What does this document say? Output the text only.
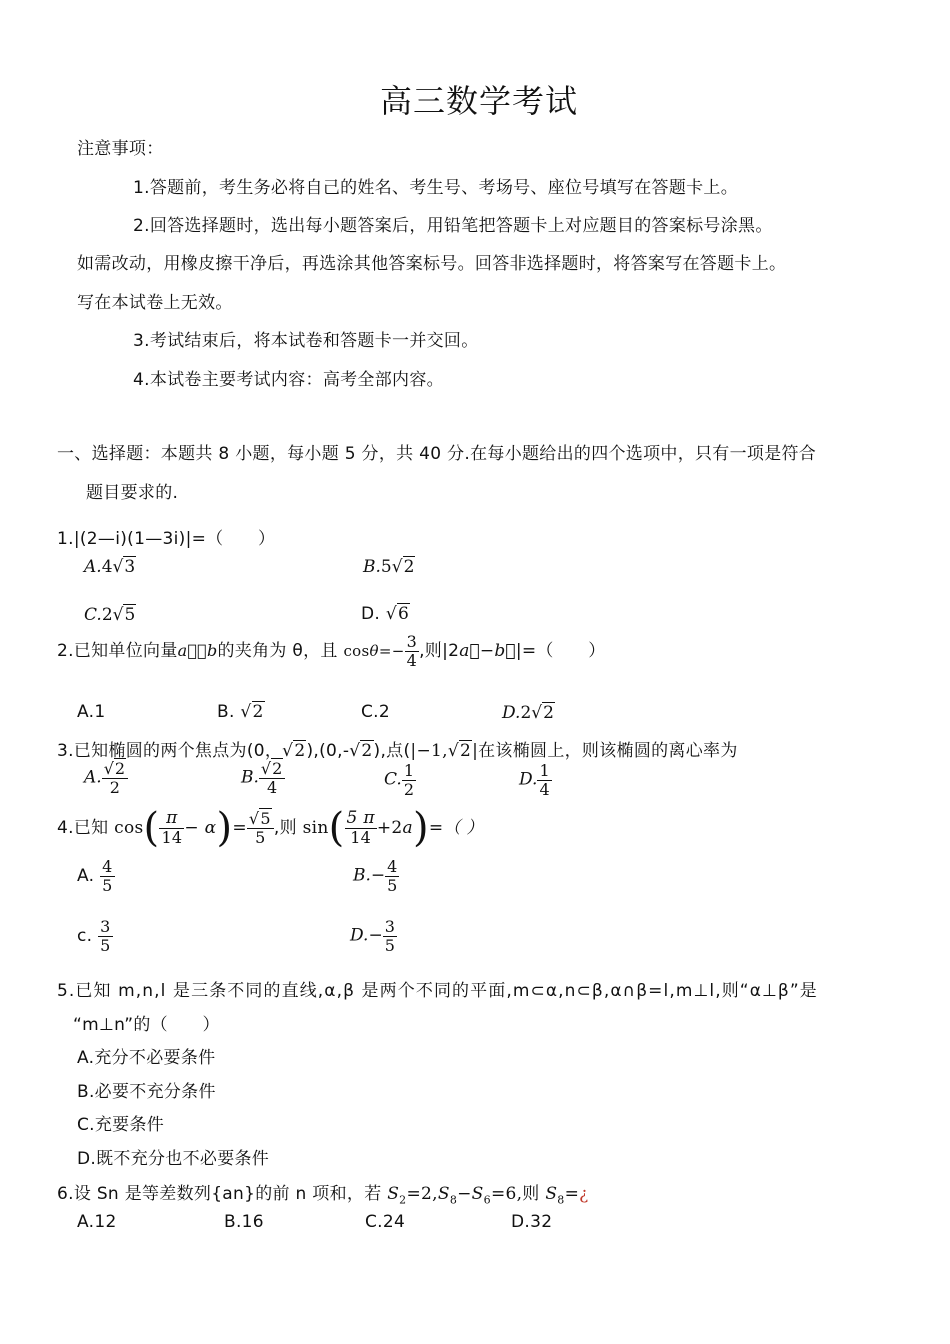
高三数学考试
注意事项：
1.答题前，考生务必将自己的姓名、考生号、考场号、座位号填写在答题卡上。
2.回答选择题时，选出每小题答案后，用铅笔把答题卡上对应题目的答案标号涂黑。
如需改动，用橡皮擦干净后，再选涂其他答案标号。回答非选择题时，将答案写在答题卡上。
写在本试卷上无效。
3.考试结束后，将本试卷和答题卡一并交回。
4.本试卷主要考试内容：高考全部内容。
一、选择题：本题共 8 小题，每小题 5 分，共 40 分.在每小题给出的四个选项中，只有一项是符合
题目要求的.
1.|(2—i)(1—3i)|=（　　）
A.4√3	B.5√2
C.2√5	D. √6
2.已知单位向量a和b的夹角为 θ，且 $\cos\theta=- \frac{3}{4}$ ,则|2a⃗−b⃗|=（　　）
A.1	B. √2	C.2	D.2√2
3.已知椭圆的两个焦点为(0，√2),(0,-√2),点(|−1,√2|在该椭圆上，则该椭圆的离心率为
A. $\frac{√2}{2}$	B. $\frac{√2}{4}$	C. $\frac{1}{2}$	D. $\frac{1}{4}$
4.已知 $\cos( \frac{\pi}{14} - \alpha)= \frac{√5}{5}$ ,则 $\sin( \frac{5 \pi}{14} +2a)=$（ ）
A. $\frac{4}{5}$	$B.- \frac{4}{5}$
c. $\frac{3}{5}$	$D.- \frac{3}{5}$
5.已知 m,n,l 是三条不同的直线,α,β 是两个不同的平面,m⊂α,n⊂β,α∩β=l,m⊥l,则“α⊥β”是
“m⊥n”的（　　）
A.充分不必要条件
B.必要不充分条件
C.充要条件
D.既不充分也不必要条件
6.设 Sn 是等差数列{an}的前 n 项和，若 $S_2=2,S_8-S_6=6$,则 $S_8=¿$
A.12	B.16	C.24	D.32
